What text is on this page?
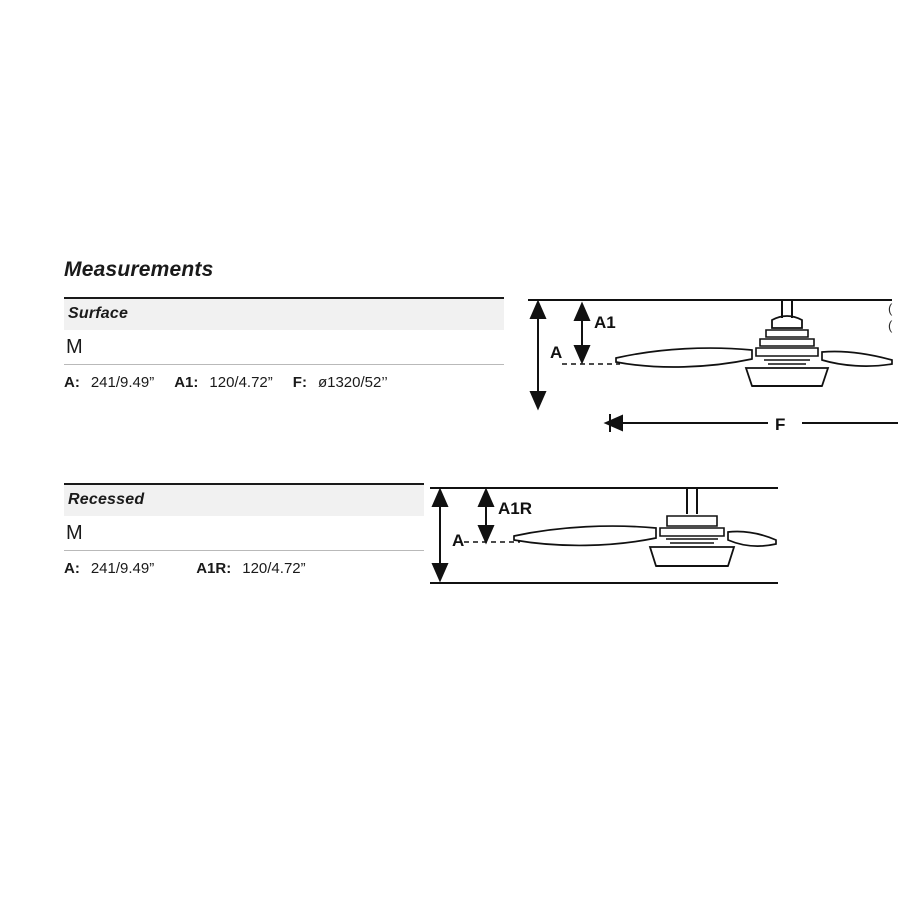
Measurements
Surface
M
A: 241/9.49” A1: 120/4.72” F: ø1320/52’’
A
A1
F
Recessed
M
A: 241/9.49”	A1R: 120/4.72”
A
A1R
(
(
